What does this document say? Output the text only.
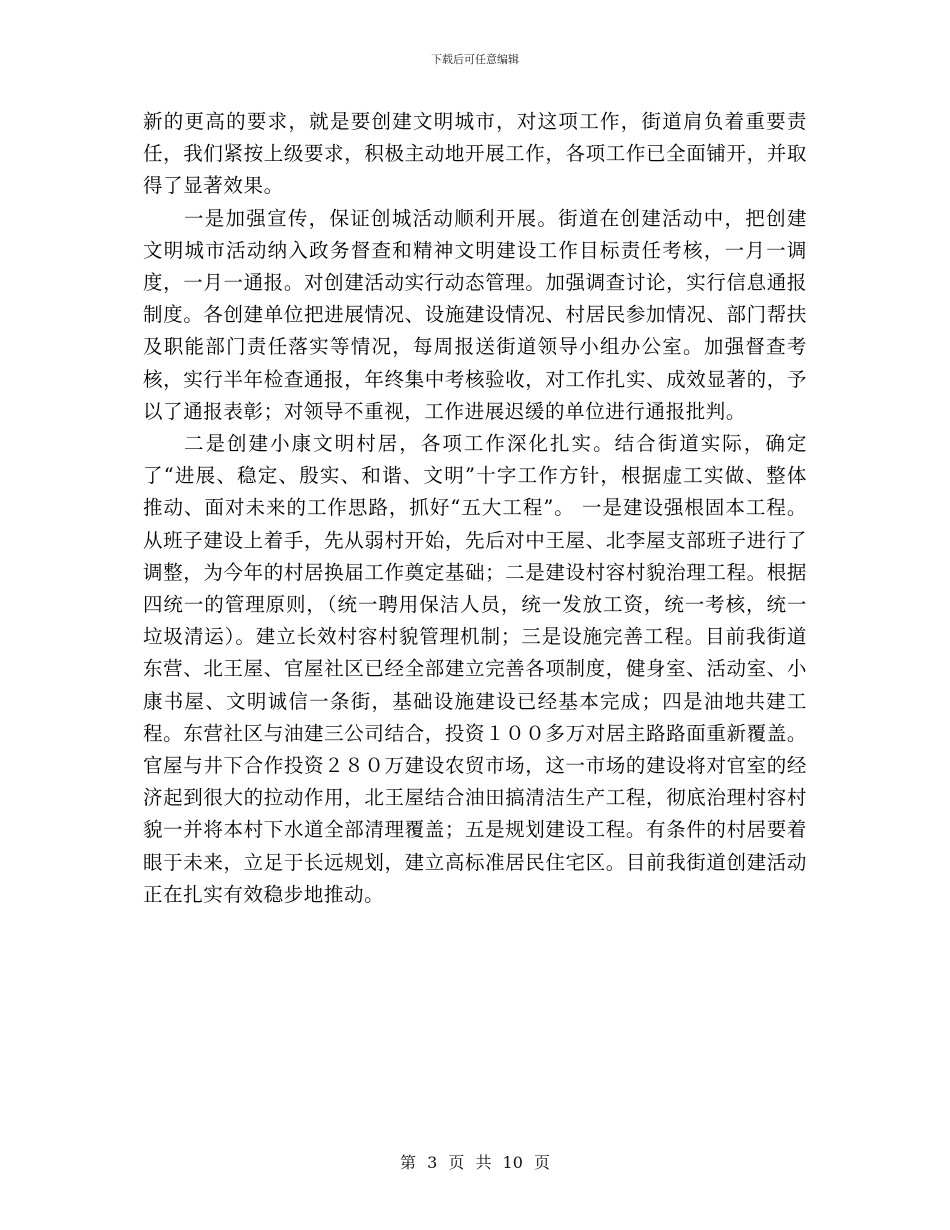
下载后可任意编辑

新的更高的要求，就是要创建文明城市，对这项工作，街道肩负着重要责任，我们紧按上级要求，积极主动地开展工作，各项工作已全面铺开，并取得了显著效果。

一是加强宣传，保证创城活动顺利开展。街道在创建活动中，把创建文明城市活动纳入政务督查和精神文明建设工作目标责任考核，一月一调度，一月一通报。对创建活动实行动态管理。加强调查讨论，实行信息通报制度。各创建单位把进展情况、设施建设情况、村居民参加情况、部门帮扶及职能部门责任落实等情况，每周报送街道领导小组办公室。加强督查考核，实行半年检查通报，年终集中考核验收，对工作扎实、成效显著的，予以了通报表彰；对领导不重视，工作进展迟缓的单位进行通报批判。

二是创建小康文明村居，各项工作深化扎实。结合街道实际，确定了“进展、稳定、殷实、和谐、文明”十字工作方针，根据虚工实做、整体推动、面对未来的工作思路，抓好“五大工程”。 一是建设强根固本工程。从班子建设上着手，先从弱村开始，先后对中王屋、北李屋支部班子进行了调整，为今年的村居换届工作奠定基础；二是建设村容村貌治理工程。根据四统一的管理原则，（统一聘用保洁人员，统一发放工资，统一考核，统一垃圾清运）。建立长效村容村貌管理机制；三是设施完善工程。目前我街道东营、北王屋、官屋社区已经全部建立完善各项制度，健身室、活动室、小康书屋、文明诚信一条街，基础设施建设已经基本完成；四是油地共建工程。东营社区与油建三公司结合，投资１００多万对居主路路面重新覆盖。官屋与井下合作投资２８０万建设农贸市场，这一市场的建设将对官室的经济起到很大的拉动作用，北王屋结合油田搞清洁生产工程，彻底治理村容村貌一并将本村下水道全部清理覆盖；五是规划建设工程。有条件的村居要着眼于未来，立足于长远规划，建立高标准居民住宅区。目前我街道创建活动正在扎实有效稳步地推动。

第 3 页 共 10 页
